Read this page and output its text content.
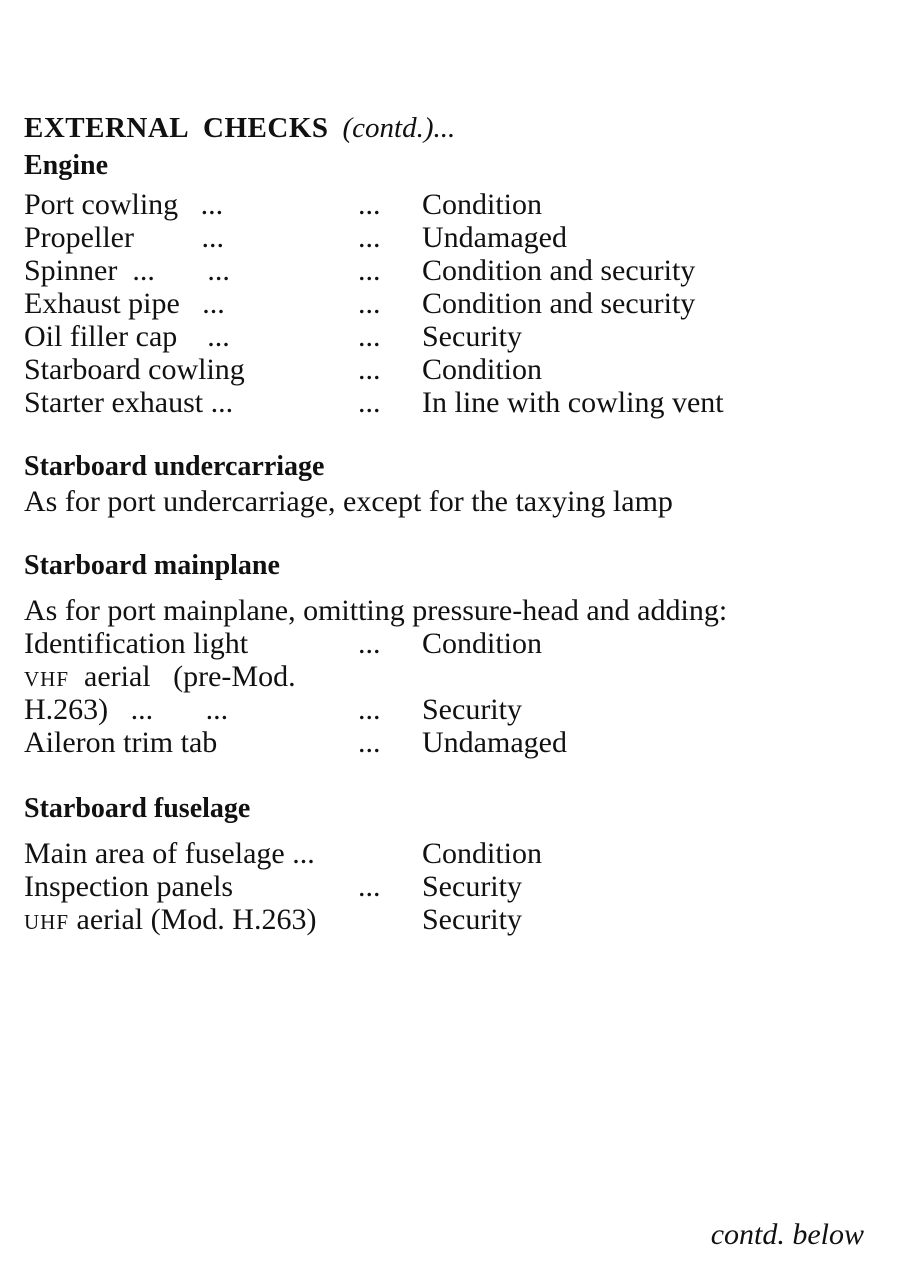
EXTERNAL  CHECKS (contd.)...
Engine
Port cowling   ...	... Condition
Propeller         ...	... Undamaged
Spinner  ...       ...	... Condition and security
Exhaust pipe   ...	... Condition and security
Oil filler cap    ...	... Security
Starboard cowling	... Condition
Starter exhaust ...	... In line with cowling vent
Starboard undercarriage
As for port undercarriage, except for the taxying lamp
Starboard mainplane
As for port mainplane, omitting pressure-head and adding:
Identification light	... Condition
VHF  aerial   (pre-Mod.
H.263)   ...       ...	... Security
Aileron trim tab	... Undamaged
Starboard fuselage
Main area of fuselage ...	Condition
Inspection panels	... Security
UHF aerial (Mod. H.263)	Security
contd. below
